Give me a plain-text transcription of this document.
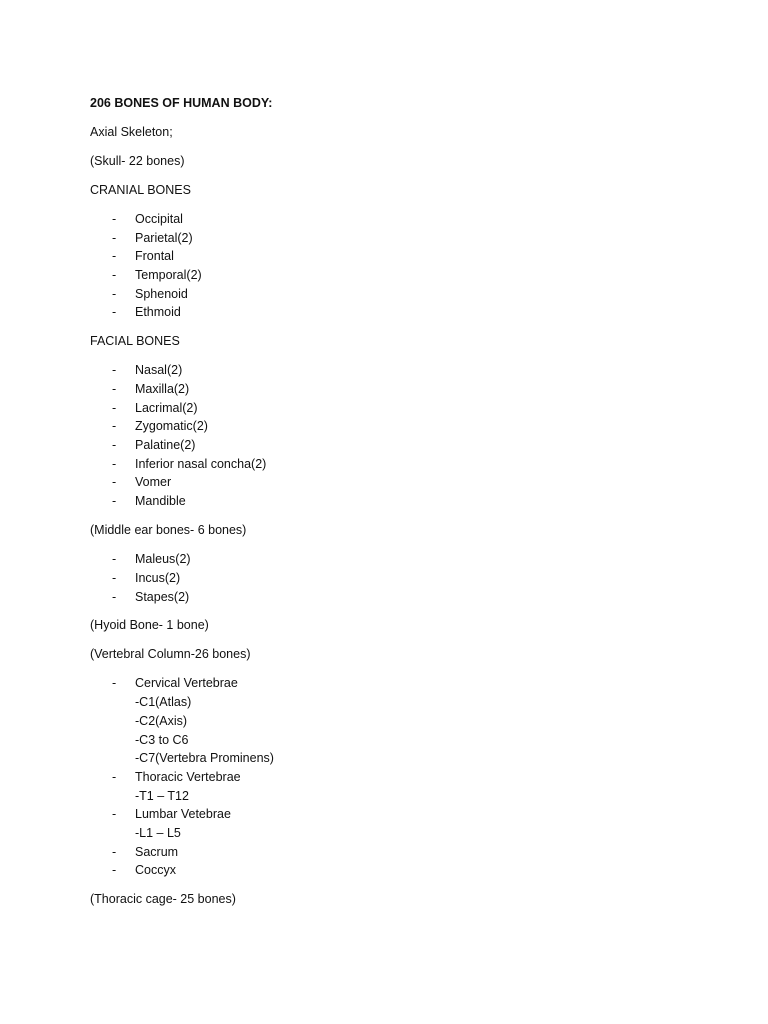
206 BONES OF HUMAN BODY:
Axial Skeleton;
(Skull- 22 bones)
CRANIAL BONES
- Occipital
- Parietal(2)
- Frontal
- Temporal(2)
- Sphenoid
- Ethmoid
FACIAL BONES
- Nasal(2)
- Maxilla(2)
- Lacrimal(2)
- Zygomatic(2)
- Palatine(2)
- Inferior nasal concha(2)
- Vomer
- Mandible
(Middle ear bones- 6 bones)
- Maleus(2)
- Incus(2)
- Stapes(2)
(Hyoid Bone- 1 bone)
(Vertebral Column-26 bones)
- Cervical Vertebrae
-C1(Atlas)
-C2(Axis)
-C3 to C6
-C7(Vertebra Prominens)
- Thoracic Vertebrae
-T1 – T12
- Lumbar Vetebrae
-L1 – L5
- Sacrum
- Coccyx
(Thoracic cage- 25 bones)
